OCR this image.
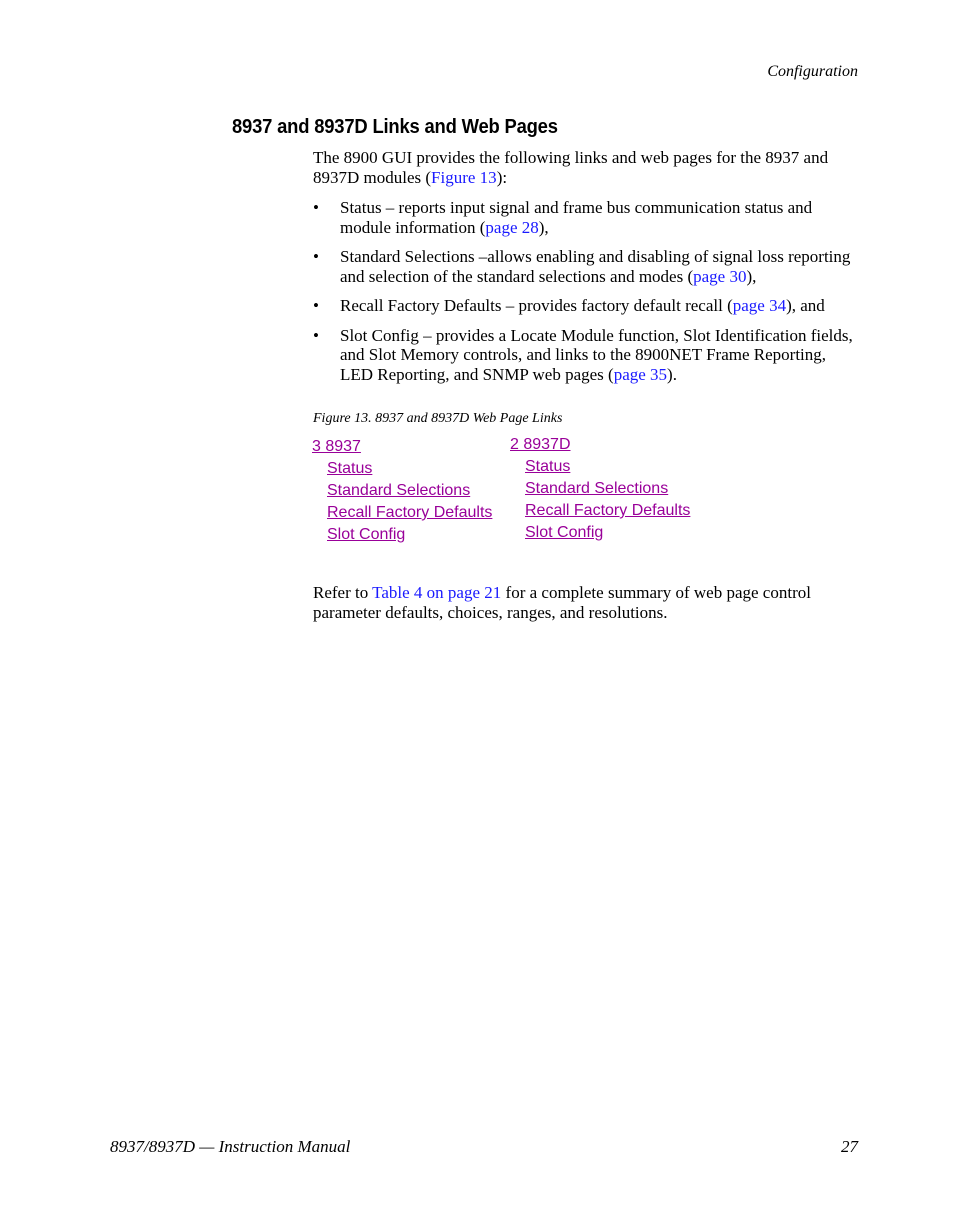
Configuration
8937 and 8937D Links and Web Pages

The 8900 GUI provides the following links and web pages for the 8937 and 8937D modules (Figure 13):

• Status – reports input signal and frame bus communication status and module information (page 28),
• Standard Selections –allows enabling and disabling of signal loss reporting and selection of the standard selections and modes (page 30),
• Recall Factory Defaults – provides factory default recall (page 34), and
• Slot Config – provides a Locate Module function, Slot Identification fields, and Slot Memory controls, and links to the 8900NET Frame Reporting, LED Reporting, and SNMP web pages (page 35).
Figure 13. 8937 and 8937D Web Page Links
3 8937
Status
Standard Selections
Recall Factory Defaults
Slot Config
2 8937D
Status
Standard Selections
Recall Factory Defaults
Slot Config

Refer to Table 4 on page 21 for a complete summary of web page control parameter defaults, choices, ranges, and resolutions.

8937/8937D — Instruction Manual	27
